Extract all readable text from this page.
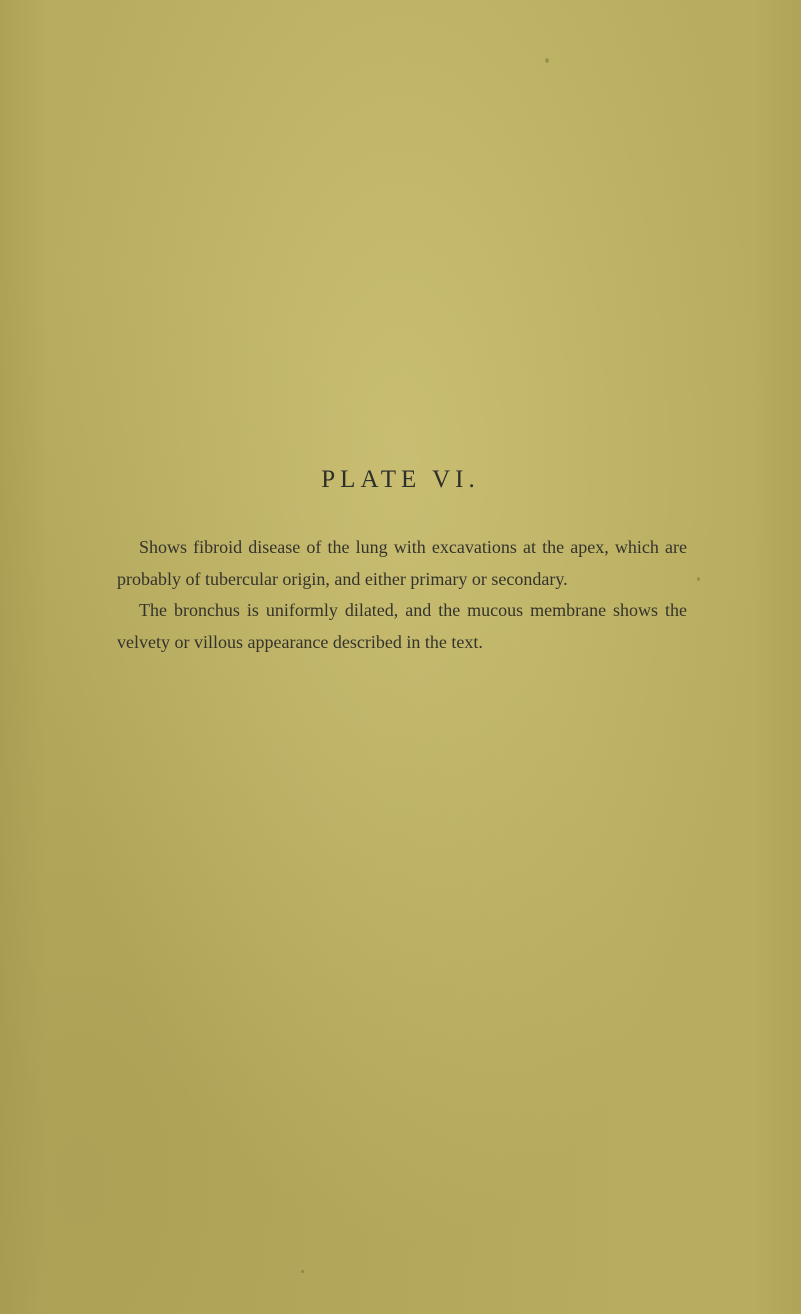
PLATE VI.

Shows fibroid disease of the lung with excavations at the apex, which are probably of tubercular origin, and either primary or secondary.

The bronchus is uniformly dilated, and the mucous membrane shows the velvety or villous appearance described in the text.
